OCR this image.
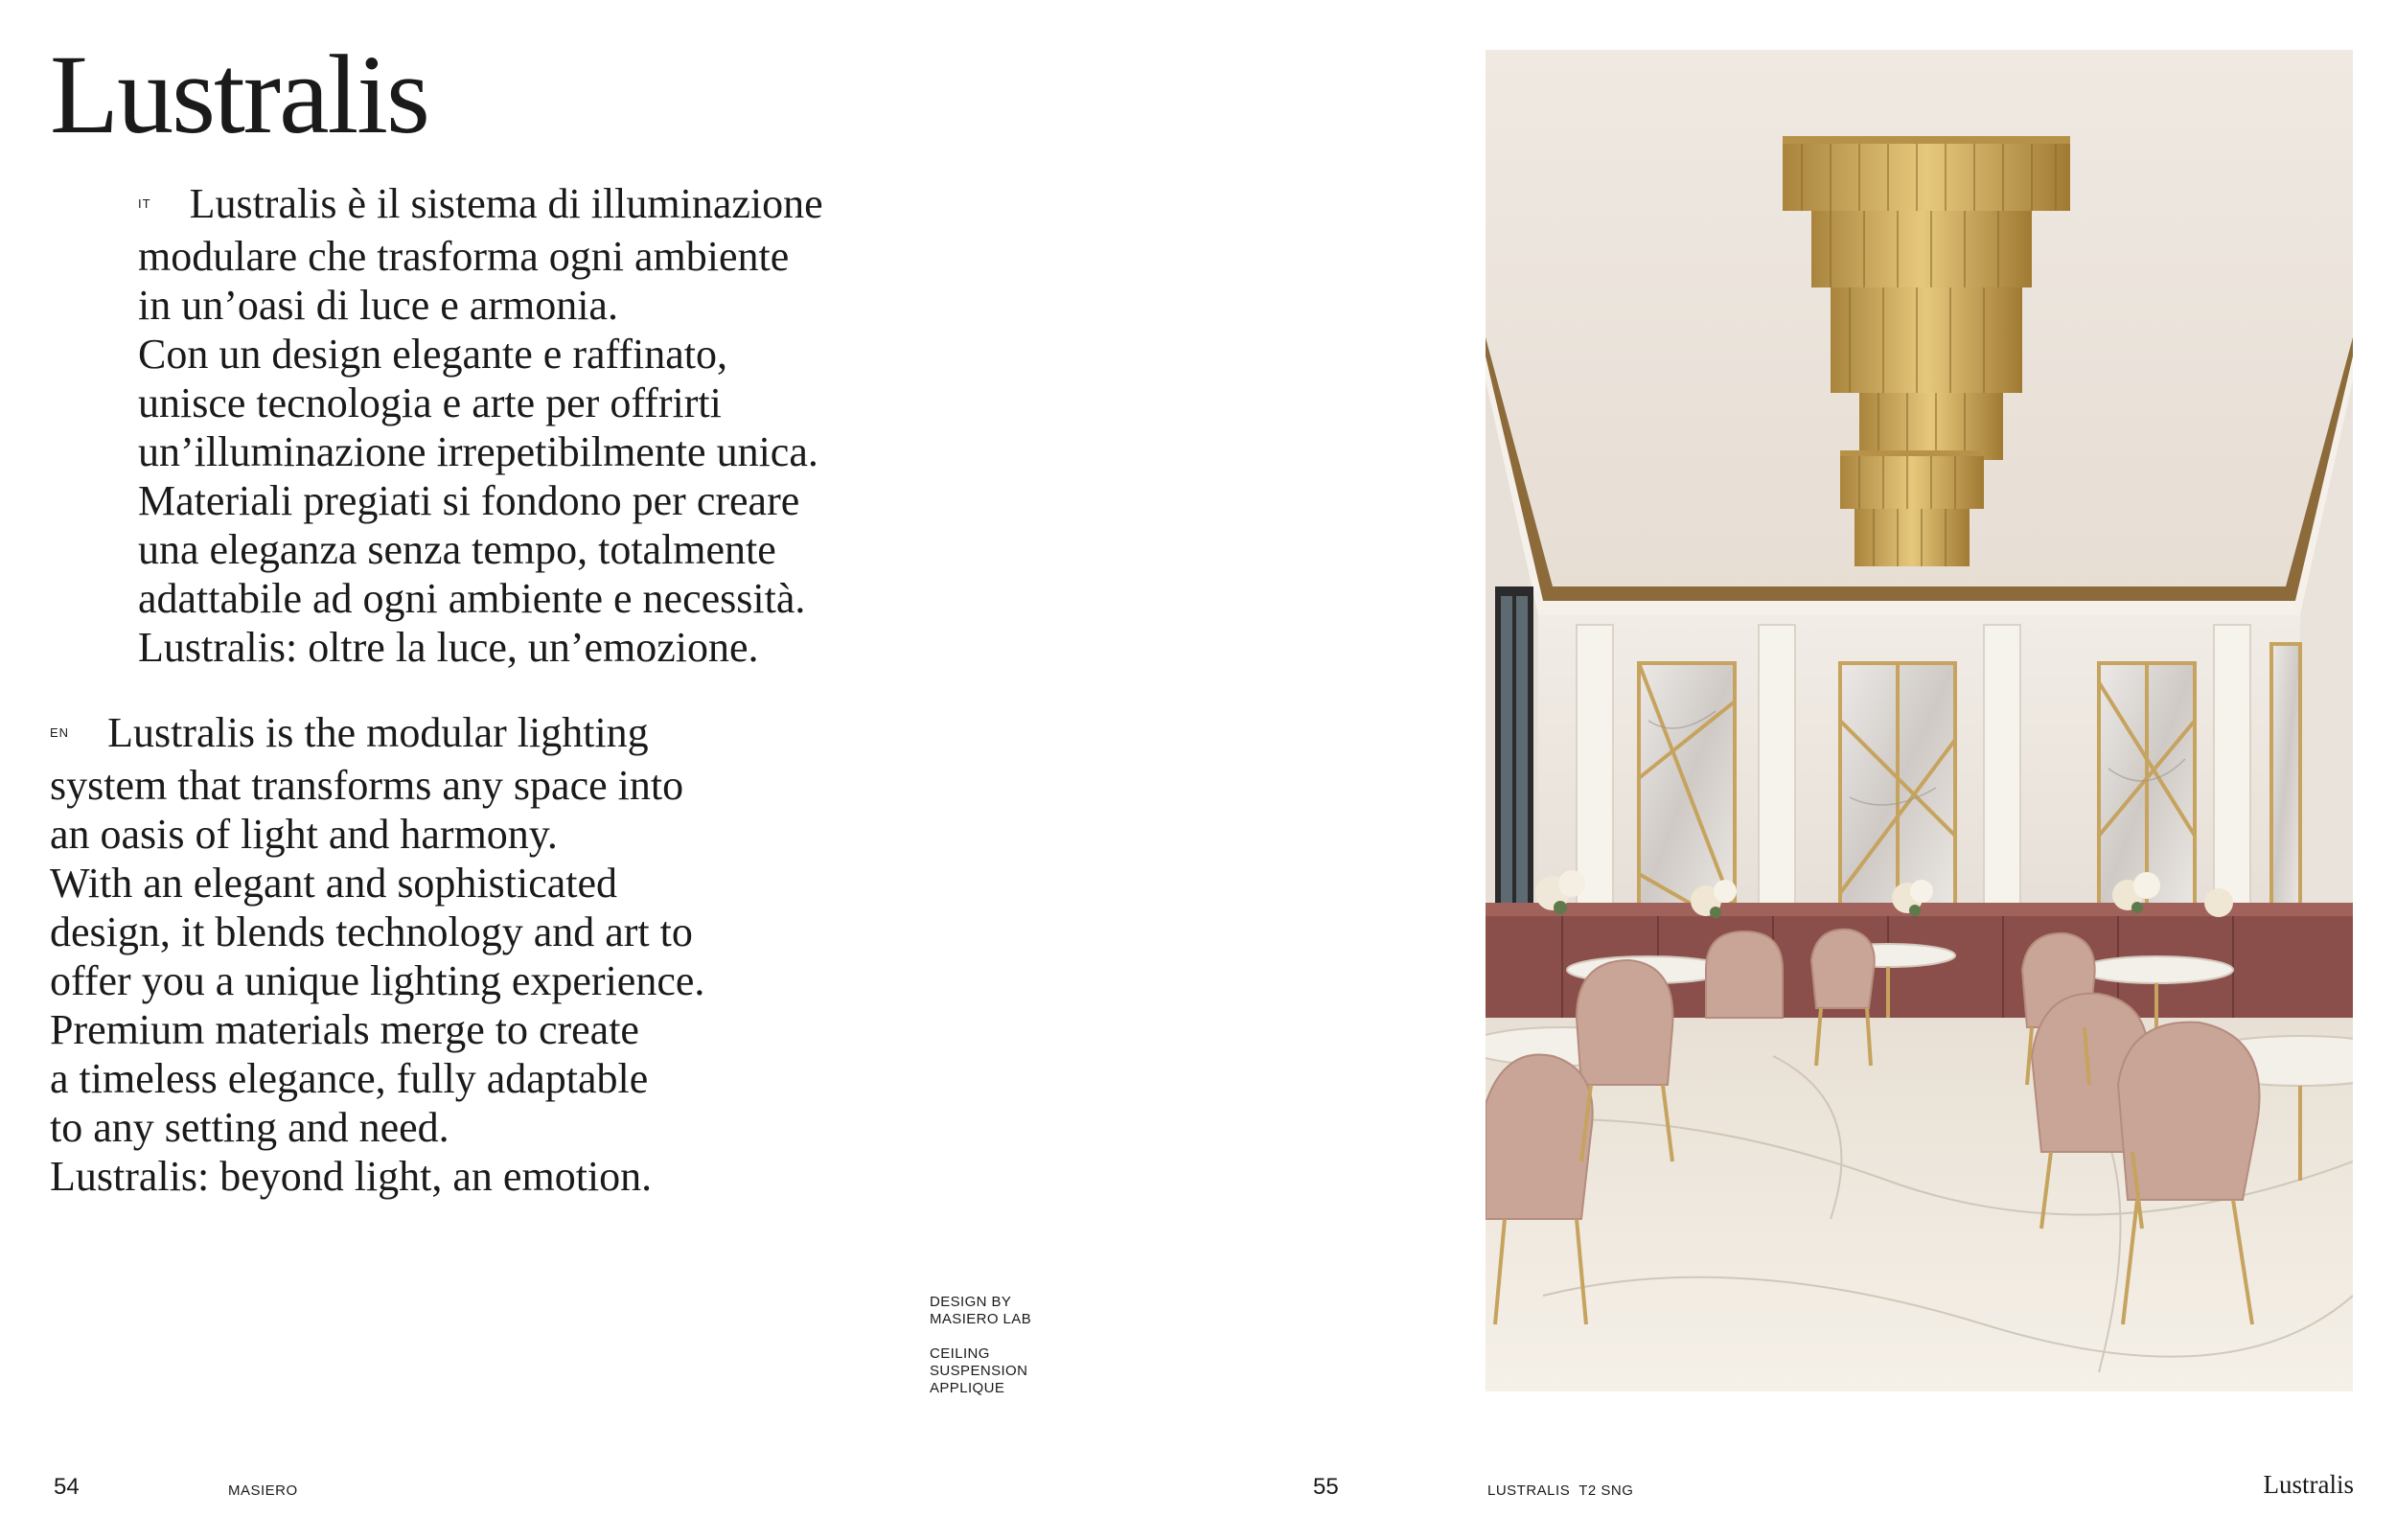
Lustralis
IT Lustralis è il sistema di illuminazione
modulare che trasforma ogni ambiente
in un’oasi di luce e armonia.
Con un design elegante e raffinato,
unisce tecnologia e arte per offrirti
un’illuminazione irrepetibilmente unica.
Materiali pregiati si fondono per creare
una eleganza senza tempo, totalmente
adattabile ad ogni ambiente e necessità.
Lustralis: oltre la luce, un’emozione.
EN Lustralis is the modular lighting
system that transforms any space into
an oasis of light and harmony.
With an elegant and sophisticated
design, it blends technology and art to
offer you a unique lighting experience.
Premium materials merge to create
a timeless elegance, fully adaptable
to any setting and need.
Lustralis: beyond light, an emotion.
DESIGN BY
MASIERO LAB
CEILING
SUSPENSION
APPLIQUE
54	MASIERO	55	LUSTRALIS  T2 SNG	Lustralis
